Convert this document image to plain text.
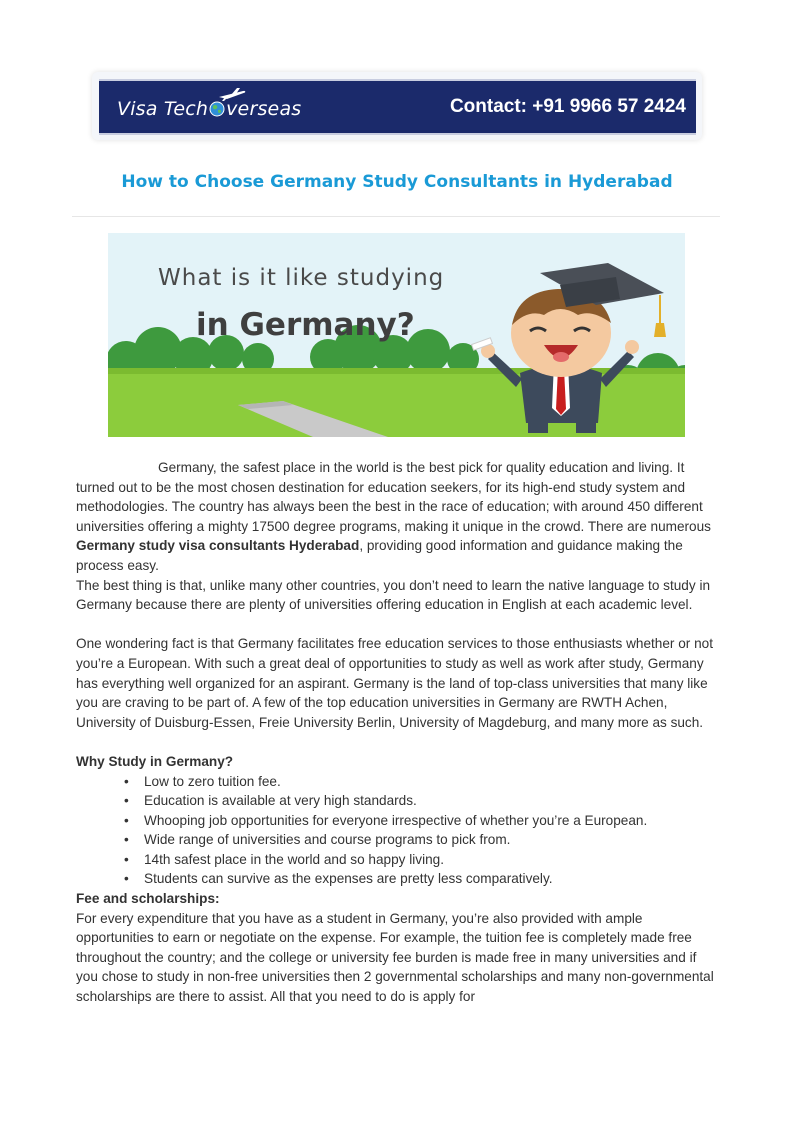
Visa Tech verseas	Contact: +91 9966 57 2424
How to Choose Germany Study Consultants in Hyderabad
What is it like studying
in Germany?

Germany, the safest place in the world is the best pick for quality education and living. It turned out to be the most chosen destination for education seekers, for its high-end study system and methodologies. The country has always been the best in the race of education; with around 450 different universities offering a mighty 17500 degree programs, making it unique in the crowd. There are numerous Germany study visa consultants Hyderabad, providing good information and guidance making the process easy.

The best thing is that, unlike many other countries, you don’t need to learn the native language to study in Germany because there are plenty of universities offering education in English at each academic level.

One wondering fact is that Germany facilitates free education services to those enthusiasts whether or not you’re a European. With such a great deal of opportunities to study as well as work after study, Germany has everything well organized for an aspirant. Germany is the land of top-class universities that many like you are craving to be part of. A few of the top education universities in Germany are RWTH Achen, University of Duisburg-Essen, Freie University Berlin, University of Magdeburg, and many more as such.

Why Study in Germany?

• Low to zero tuition fee.
• Education is available at very high standards.
• Whooping job opportunities for everyone irrespective of whether you’re a European.
• Wide range of universities and course programs to pick from.
• 14th safest place in the world and so happy living.
• Students can survive as the expenses are pretty less comparatively.

Fee and scholarships:

For every expenditure that you have as a student in Germany, you’re also provided with ample opportunities to earn or negotiate on the expense. For example, the tuition fee is completely made free throughout the country; and the college or university fee burden is made free in many universities and if you chose to study in non-free universities then 2 governmental scholarships and many non-governmental scholarships are there to assist. All that you need to do is apply for
